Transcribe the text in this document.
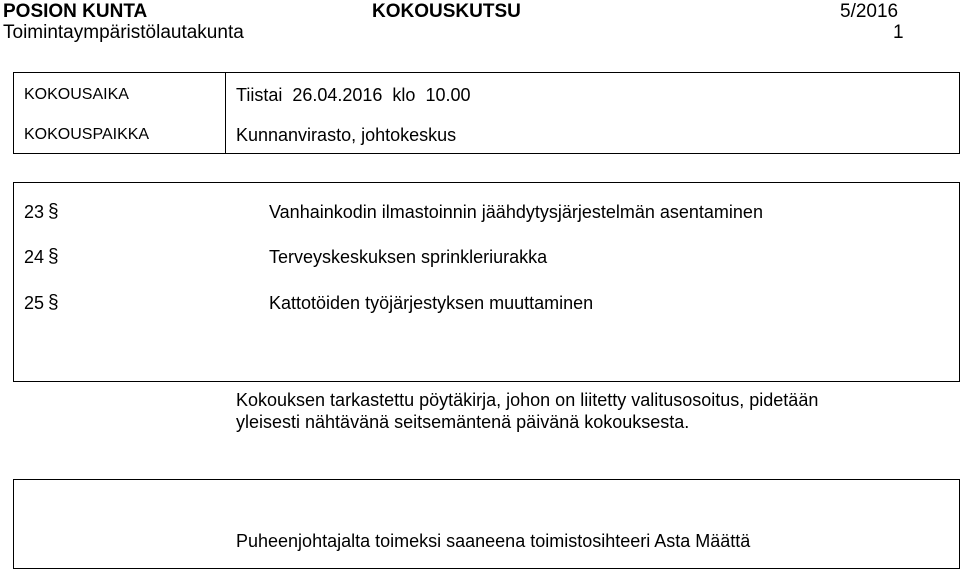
POSION KUNTA	KOKOUSKUTSU	5/2016
Toimintaympäristölautakunta	1
KOKOUSAIKA	Tiistai  26.04.2016  klo  10.00
KOKOUSPAIKKA	Kunnanvirasto, johtokeskus
23 §	Vanhainkodin ilmastoinnin jäähdytysjärjestelmän asentaminen
24 §	Terveyskeskuksen sprinkleriurakka
25 §	Kattotöiden työjärjestyksen muuttaminen
Kokouksen tarkastettu pöytäkirja, johon on liitetty valitusosoitus, pidetään
yleisesti nähtävänä seitsemäntenä päivänä kokouksesta.
Puheenjohtajalta toimeksi saaneena toimistosihteeri Asta Määttä
